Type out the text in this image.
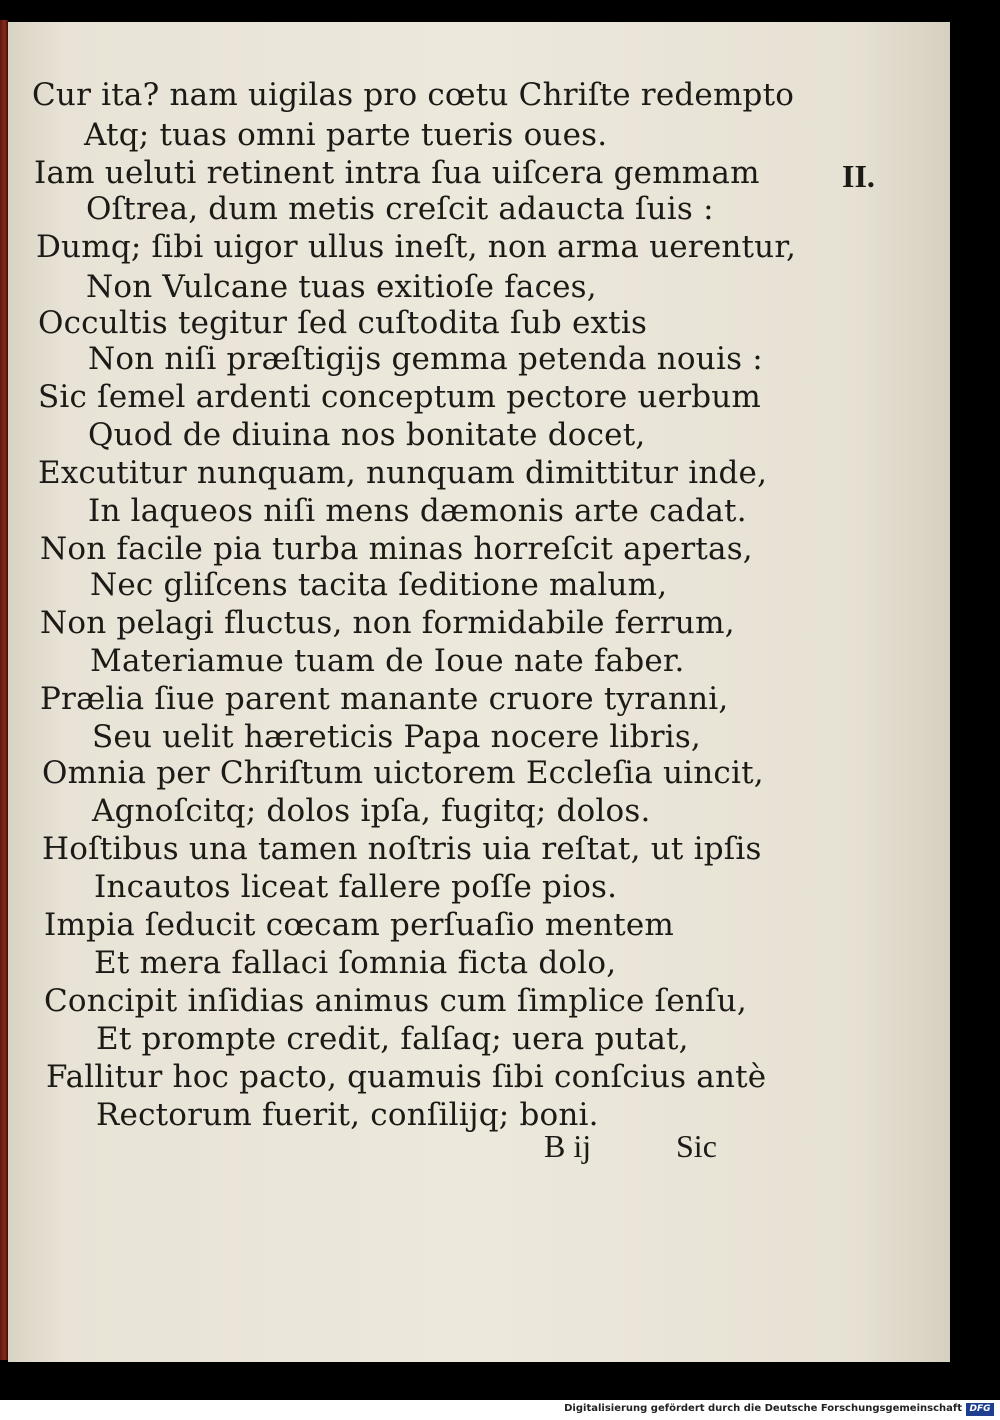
Cur ita? nam uigilas pro cœtu Chriſte redempto
Atq; tuas omni parte tueris oues.
Iam ueluti retinent intra ſua uiſcera gemmam
Oſtrea, dum metis creſcit adaucta ſuis :
Dumq; ſibi uigor ullus ineſt, non arma uerentur,
Non Vulcane tuas exitioſe faces,
Occultis tegitur ſed cuſtodita ſub extis
Non niſi præſtigijs gemma petenda nouis :
Sic ſemel ardenti conceptum pectore uerbum
Quod de diuina nos bonitate docet,
Excutitur nunquam, nunquam dimittitur inde,
In laqueos niſi mens dæmonis arte cadat.
Non facile pia turba minas horreſcit apertas,
Nec gliſcens tacita ſeditione malum,
Non pelagi fluctus, non formidabile ferrum,
Materiamue tuam de Ioue nate faber.
Prælia ſiue parent manante cruore tyranni,
Seu uelit hæreticis Papa nocere libris,
Omnia per Chriſtum uictorem Eccleſia uincit,
Agnoſcitq; dolos ipſa, fugitq; dolos.
Hoſtibus una tamen noſtris uia reſtat, ut ipſis
Incautos liceat fallere poſſe pios.
Impia ſeducit cœcam perſuaſio mentem
Et mera fallaci ſomnia ficta dolo,
Concipit inſidias animus cum ſimplice ſenſu,
Et prompte credit, falſaq; uera putat,
Fallitur hoc pacto, quamuis ſibi conſcius antè
Rectorum fuerit, conſilijq; boni.
II.
B ij	Sic
Digitalisierung gefördert durch die Deutsche Forschungsgemeinschaft DFG
